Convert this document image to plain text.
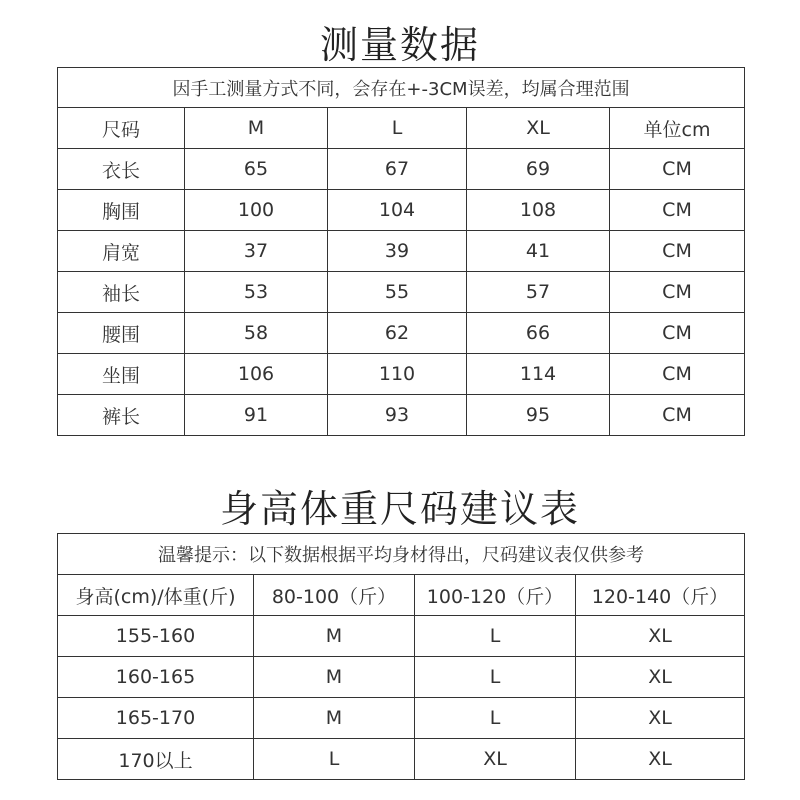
测量数据
因手工测量方式不同，会存在+-3CM误差，均属合理范围				
尺码	M	L	XL	单位cm
衣长	65	67	69	CM
胸围	100	104	108	CM
肩宽	37	39	41	CM
袖长	53	55	57	CM
腰围	58	62	66	CM
坐围	106	110	114	CM
裤长	91	93	95	CM
身高体重尺码建议表
温馨提示：以下数据根据平均身材得出，尺码建议表仅供参考			
身高(cm)/体重(斤)	80-100（斤）	100-120（斤）	120-140（斤）
155-160	M	L	XL
160-165	M	L	XL
165-170	M	L	XL
170以上	L	XL	XL
